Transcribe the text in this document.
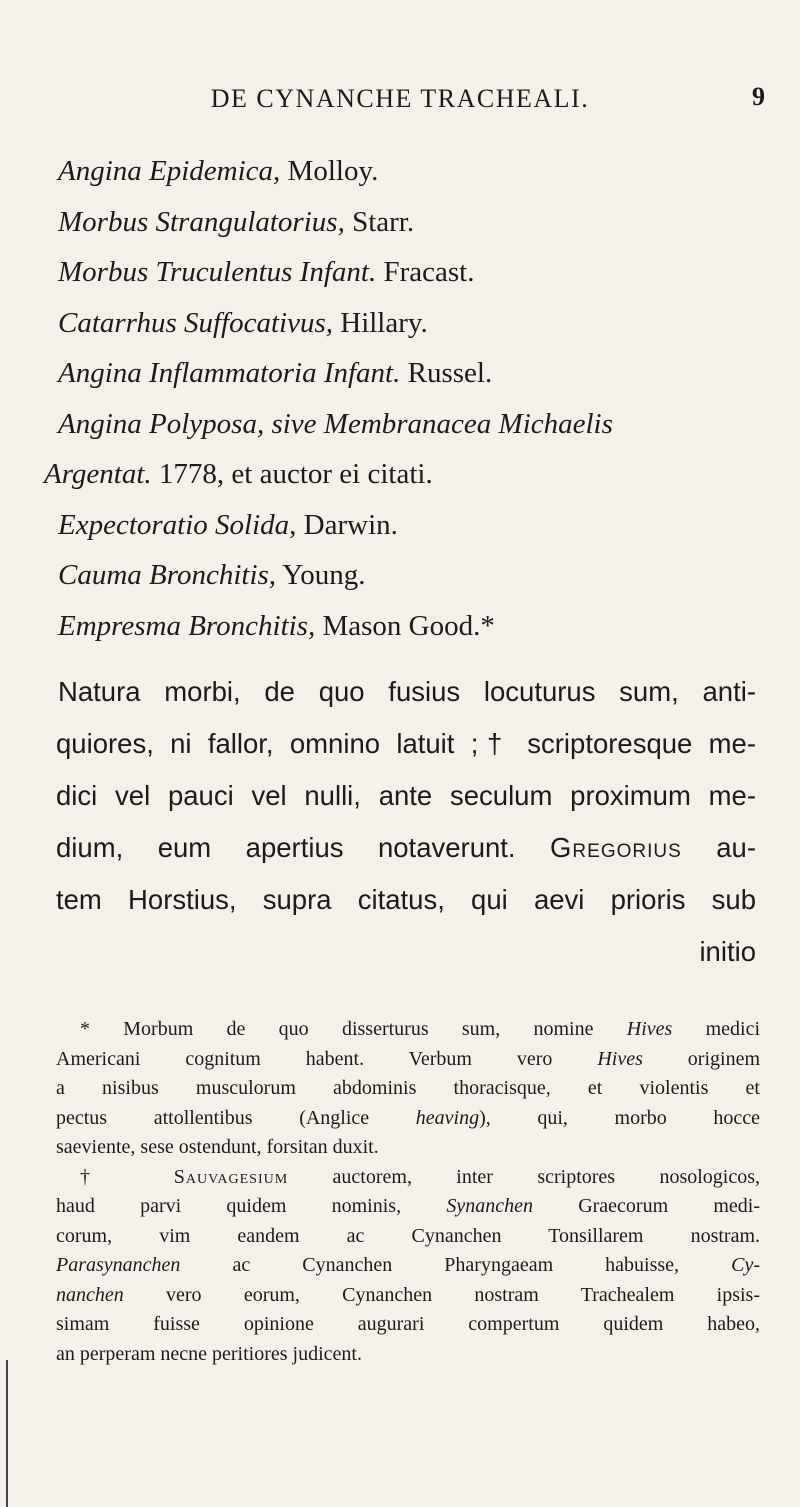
DE CYNANCHE TRACHEALI.	9
Angina Epidemica, Molloy.
Morbus Strangulatorius, Starr.
Morbus Truculentus Infant. Fracast.
Catarrhus Suffocativus, Hillary.
Angina Inflammatoria Infant. Russel.
Angina Polyposa, sive Membranacea Michaelis
Argentat. 1778, et auctor ei citati.
Expectoratio Solida, Darwin.
Cauma Bronchitis, Young.
Empresma Bronchitis, Mason Good.*
Natura morbi, de quo fusius locuturus sum, anti-
quiores, ni fallor, omnino latuit ;† scriptoresque me-
dici vel pauci vel nulli, ante seculum proximum me-
dium, eum apertius notaverunt. Gregorius au-
tem Horstius, supra citatus, qui aevi prioris sub
initio
* Morbum de quo disserturus sum, nomine Hives medici
Americani cognitum habent. Verbum vero Hives originem
a nisibus musculorum abdominis thoracisque, et violentis et
pectus attollentibus (Anglice heaving), qui, morbo hocce
saeviente, sese ostendunt, forsitan duxit.
† Sauvagesium auctorem, inter scriptores nosologicos,
haud parvi quidem nominis, Synanchen Graecorum medi-
corum, vim eandem ac Cynanchen Tonsillarem nostram.
Parasynanchen ac Cynanchen Pharyngaeam habuisse, Cy-
nanchen vero eorum, Cynanchen nostram Trachealem ipsis-
simam fuisse opinione augurari compertum quidem habeo,
an perperam necne peritiores judicent.
